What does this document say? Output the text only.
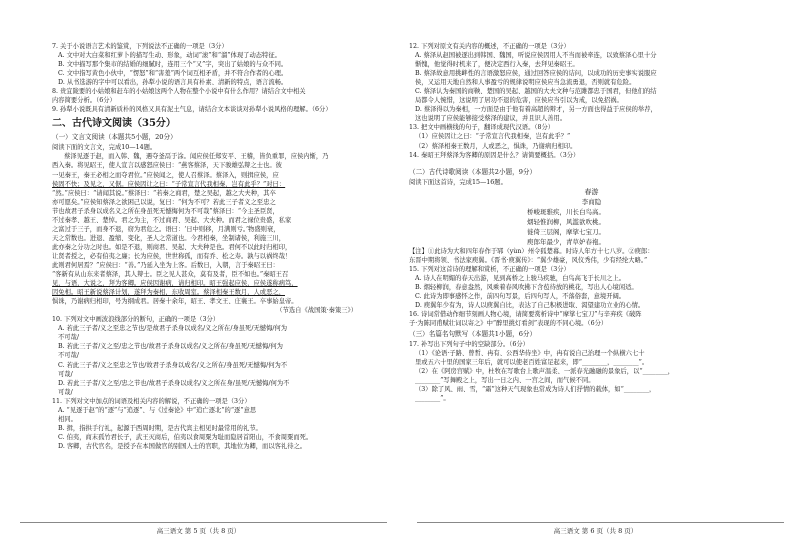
7. 关于小说语言艺术的鉴赏，下列说法不正确的一项是（3分）

A. 文中对大白菜和红萝卜的描写生动、形象，动词“滚”和“溜”体现了动态特征。

B. 文中描写那个集市的结婚的细腻时，连用三个“又”字，突出了姑娘的与众不同。

C. 文中指写黄色小伙中，“愣怒”和“害羞”两个词互相矛盾，并不符合作者的心理。

D. 从书选游的字中可以看出，孙犁小说的语言具有朴素、清新的特点，语言流畅。

8. 贵宜陇要的小姑娘和赶车的小姑娘这两个人物在整个小说中有什么作用？请结合文中相关

内容简要分析。（6分）

9. 孙犁小说既具有清新质朴的风格又具有泥土气息，请结合文本谈谈对孙犁小说风格的理解。（6分）

二、古代诗文阅读（35分）
（一）文言文阅读（本题共5小题，20分）

阅读下面的文言文，完成10—14题。

蔡泽见逐于赵，而入韩、魏，遇夺釜鬲于涂。闻应侯任郑安平、王稽，皆负重罪，应侯内惭，乃

西入秦。将见昭王，使人宣言以感怒应侯曰：“燕客蔡泽，天下骏雄弘辩之士也。彼

一见秦王，秦王必相之而夺君位。”应侯闻之，使人召蔡泽。蔡泽入，则揖应侯，应

侯固不快；及见之，又倨。应侯因让之曰：“子常宣言代我相秦，岂有此乎？”对曰：

“然。”应侯曰：“请闻其说。”蔡泽曰：“若秦之商君，楚之吴起，越之大夫种，其卒

亦可愿矣。”应侯知蔡泽之欲困己以说，复曰：“何为不可？若此三子者义之至忠之

节也故君子杀身以成名义之所在身虽死无憾悔何为不可哉”蔡泽曰：“今主圣臣贤，

不过秦孝、越王、楚悼。君之为主，不过商君、吴起、大夫种。而君之禄位贵盛，私家

之富过于三子，而身不退，窃为君危之。语曰：‘日中则移，月满则亏。’物盛则衰，

天之常数也。进退、盈缩、变化，圣人之常道也。今君相秦，坐制诸侯，利施三川，

此亦秦之分功之时也。如是不退，则商君、吴起、大夫种是也。君何不以此时归相印，

让贤者授之，必有伯夷之廉；长为应侯，世世称孤，而有乔、松之寿。孰与以祸终哉！

此则君何居焉？”应侯曰：“善。”乃延入坐为上客。后数日，入朝，言于秦昭王曰：

“客新有从山东来者蔡泽，其人辩士。臣之见人甚众，莫有及者，臣不如也。”秦昭王召

见，与语，大说之，拜为客卿。应侯因谢病，请归相印。昭王强起应侯，应侯遂称病笃，

因免相。昭王新说蔡泽计划，遂拜为秦相，东收周室。蔡泽相秦王数月，人或恶之，

惧诛，乃谢病归相印，号为纲成君。居秦十余年，昭王、孝文王、庄襄王。卒事始皇帝。

（节选自《战国策·秦策三》）

10. 下列对文中画波浪线部分的断句，正确的一项是（3分）

A. 若此三子者/义之至忠之节也/是故君子杀身以成名/义之所在/身虽死/无憾悔/何为

不可哉/

B. 若此三子者/义之至/忠之节也/故君子杀身以成名/义之所在/身虽死/无憾悔/何为

不可哉/

C. 若此三子者/义之至忠之节也/故君子杀身以成名/义之所在/身虽死/无憾悔/何为不

可哉/

D. 若此三子者/义之至/忠之节也/故君子杀身以成名/义之所在身/虽死/无憾悔/何为不

可哉/

11. 下列对文中加点的词语及相关内容的解说，不正确的一项是（3分）

A. “见逐于赵”的“逐”与“追逐”、与《过秦论》中“追亡逐北”的“逐”意思

相同。

B. 揖，指拱手行礼，起源于西周时期，是古代宾主相见时最常用的礼节。

C. 伯夷，商末孤竹君长子，武王灭商后，伯夷以食周粟为耻而隐居首阳山，不食周粟而死。

D. 客卿，古代官名，是授予在本国做官的别国人士的官职，其地位为卿，而以客礼待之。

高三语文 第 5 页（共 8 页）

12. 下列对原文有关内容的概述，不正确的一项是（3分）

A. 蔡泽从赵国被逐出到韩国、魏国，听说应侯因用人不当而被牵连，以致蔡泽心里十分

惭愧，他觉得时机来了，便决定西行入秦，去拜见秦昭王。

B. 蔡泽故意用挑衅性的言语激怒应侯，通过回答应侯的诘问，以成功的历史事实说服应

侯，又运用天地自然和人事盈亏的规律说明应侯应当急流勇退，否则就有危险。

C. 蔡泽认为秦国的商鞅、楚国的吴起、越国的大夫文种与范雎都忠于国君，但他们的结

局都令人惋惜，这说明了居功不退的危害，应侯应当引以为戒，以免招祸。

D. 蔡泽得以为秦相，一方面是由于他有着高超的辩才，另一方面也得益于应侯的举荐，

这也说明了应侯能够接受蔡泽的建议，并且识人善用。

13. 把文中画横线的句子，翻译成现代汉语。（8分）

（1）应侯因让之曰：“子常宣言代我相秦，岂有此乎？”

（2）蔡泽相秦王数月，人或恶之，惧诛，乃谢病归相印。

14. 秦昭王拜蔡泽为客卿的原因是什么？请简要概括。（3分）

（二）古代诗歌阅读（本题共2小题，9分）

阅读下面这首诗，完成15—16题。

春游
李商隐
桥峻斑骓疾，川长白鸟高。
烟轻惟润柳，风滥欲吹桃。
徙倚三层阁，摩挲七宝刀。
庾郎年最少，青草妒春袍。

【注】①此诗为大和四年春作于郓（yùn）州令狐楚幕。时诗人年方十七八岁。②庾郎：

东晋中期将领、书法家庾翼。《晋书·庾翼传》：“翼少雄豪，风仪秀伟，少有经纶大略。”

15. 下列对这首诗的理解和赏析，不正确的一项是（3分）

A. 诗人在明媚的春天出游，见到高桥之上骏马疾驰，白鸟高飞于长川之上。

B. 烟轻柳润，春意盎然，风乘着春风吹拂下含苞待放的桃花，写出人心境闲适。

C. 此诗为即事感怀之作，前四句写景，后四句写人，不落俗套，意境开阔。

D. 庾翼年少有为，诗人以庾翼自比，表达了自己积极进取、渴望建功立业的心情。

16. 诗词常借动作细节刻画人物心境，请简要赏析诗中“摩挲七宝刀”与辛弃疾《破阵

子·为陈同甫赋壮词以寄之》中“醉里挑灯看剑”表现的不同心境。（6分）

（三）名篇名句默写（本题共1小题，6分）

17. 补写出下列句子中的空缺部分。（6分）

（1）《论语·子路、曾皙、冉有、公西华侍坐》中，冉有说自己治理一个纵横六七十

里或五六十里的国家三年后，就可以使老百姓富足起来，即“________，________”。

（2）在《阿房宫赋》中，杜牧在写歌台上歌声温柔、一派春光融融的景象后，以“________，

________”写舞殿之上，写出一日之内、一宫之间，而气候不同。

（3）除了风、雨、雪，“霜”这种天气现象也常成为诗人们抒情的载体，如“________，

________”。

高三语文 第 6 页（共 8 页）
